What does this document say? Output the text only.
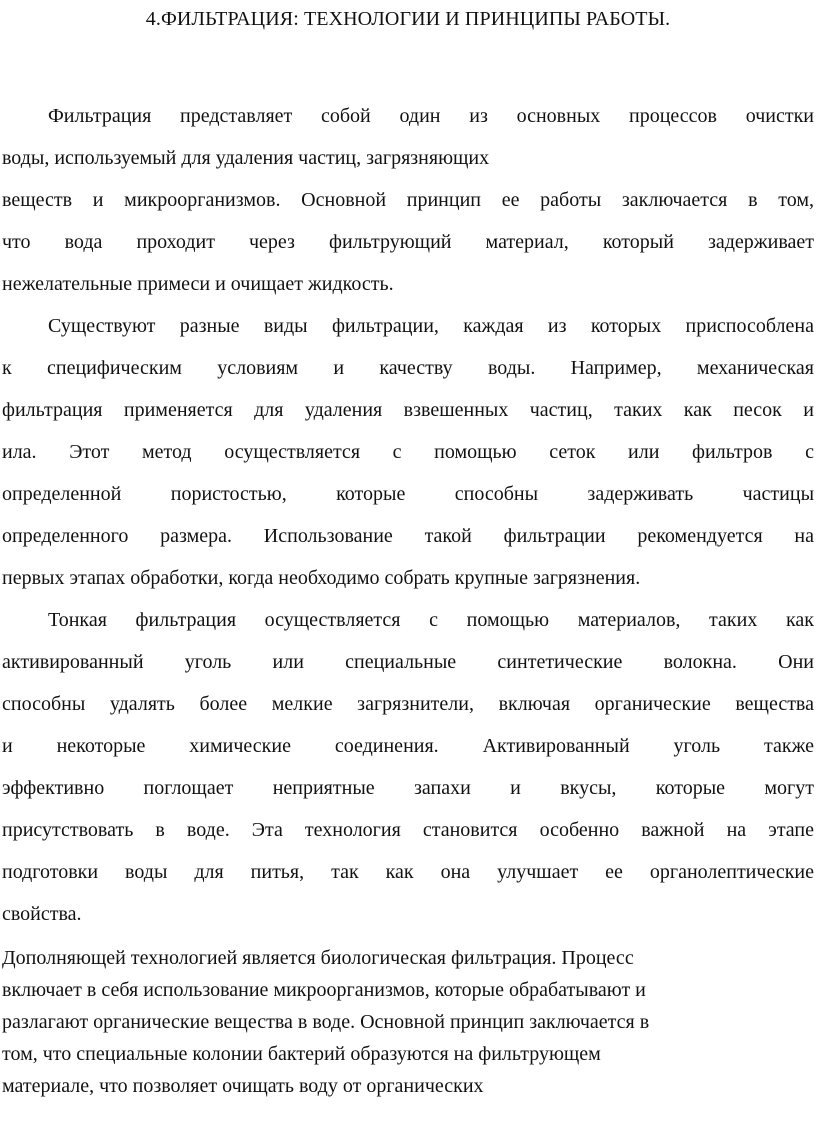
4.ФИЛЬТРАЦИЯ: ТЕХНОЛОГИИ И ПРИНЦИПЫ РАБОТЫ.
Фильтрация представляет собой один из основных процессов очистки
воды, используемый для удаления частиц, загрязняющих
веществ и микроорганизмов. Основной принцип ее работы заключается в том,
что вода проходит через фильтрующий материал, который задерживает
нежелательные примеси и очищает жидкость.
Существуют разные виды фильтрации, каждая из которых приспособлена
к специфическим условиям и качеству воды. Например, механическая
фильтрация применяется для удаления взвешенных частиц, таких как песок и
ила. Этот метод осуществляется с помощью сеток или фильтров с
определенной пористостью, которые способны задерживать частицы
определенного размера. Использование такой фильтрации рекомендуется на
первых этапах обработки, когда необходимо собрать крупные загрязнения.
Тонкая фильтрация осуществляется с помощью материалов, таких как
активированный уголь или специальные синтетические волокна. Они
способны удалять более мелкие загрязнители, включая органические вещества
и некоторые химические соединения. Активированный уголь также
эффективно поглощает неприятные запахи и вкусы, которые могут
присутствовать в воде. Эта технология становится особенно важной на этапе
подготовки воды для питья, так как она улучшает ее органолептические
свойства.
Дополняющей технологией является биологическая фильтрация. Процесс
включает в себя использование микроорганизмов, которые обрабатывают и
разлагают органические вещества в воде. Основной принцип заключается в
том, что специальные колонии бактерий образуются на фильтрующем
материале, что позволяет очищать воду от органических
